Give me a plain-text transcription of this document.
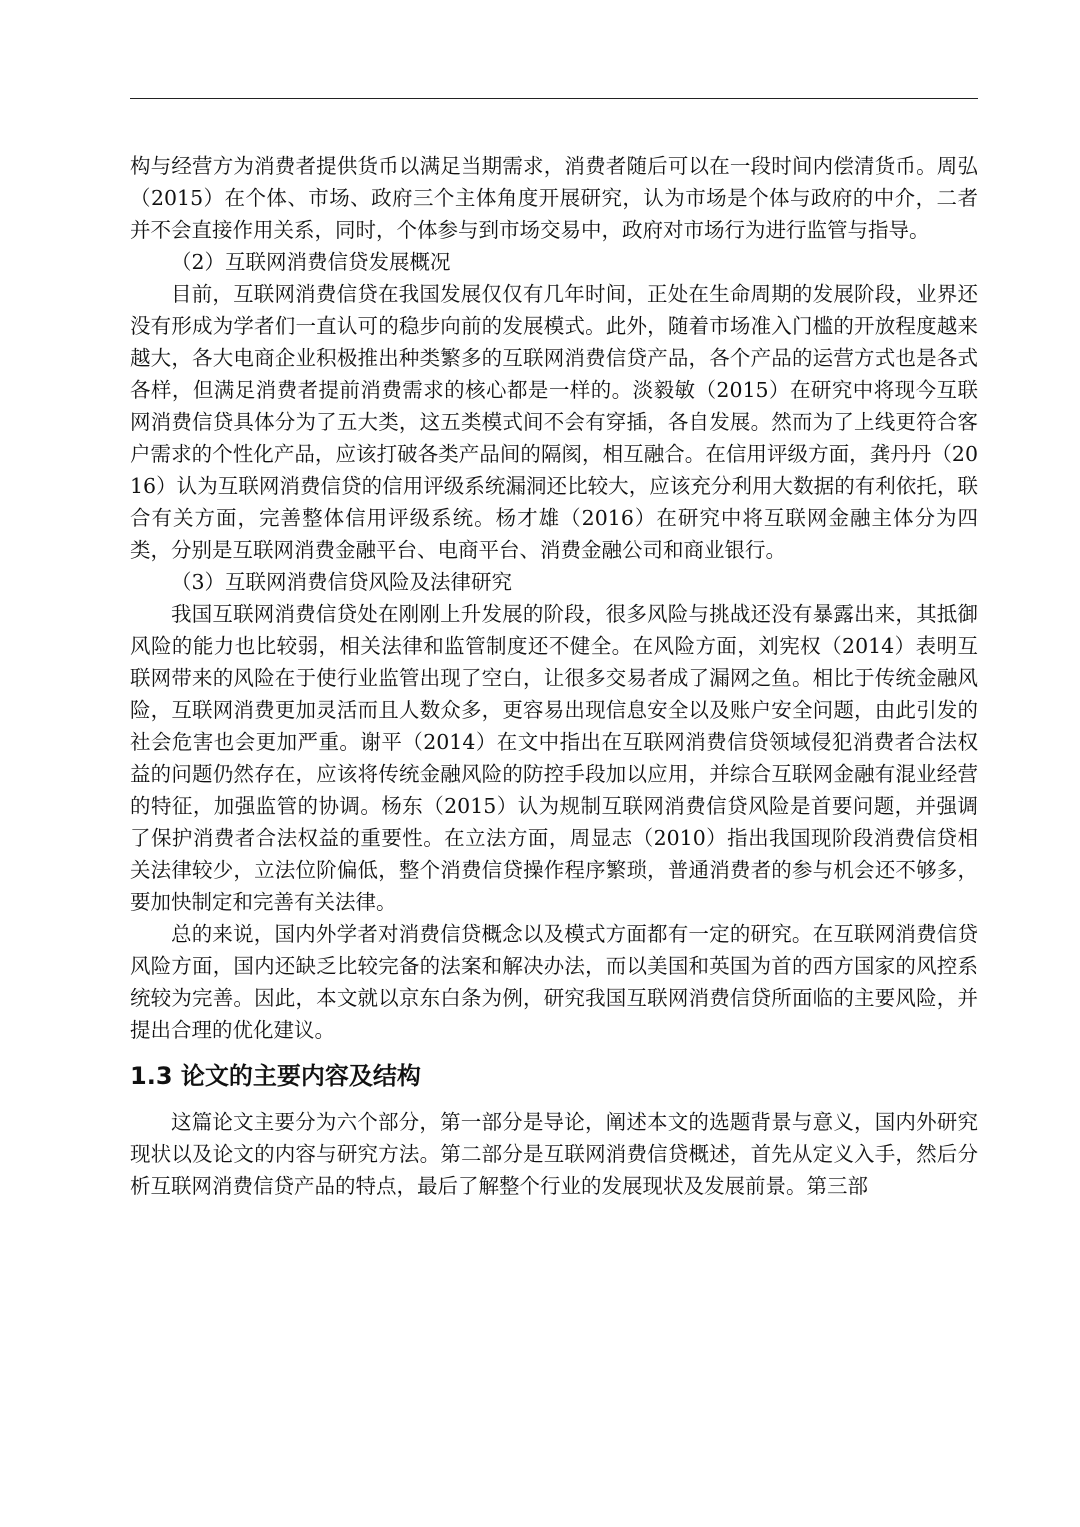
构与经营方为消费者提供货币以满足当期需求，消费者随后可以在一段时间内偿清货币。周弘（2015）在个体、市场、政府三个主体角度开展研究，认为市场是个体与政府的中介，二者并不会直接作用关系，同时，个体参与到市场交易中，政府对市场行为进行监管与指导。

（2）互联网消费信贷发展概况

目前，互联网消费信贷在我国发展仅仅有几年时间，正处在生命周期的发展阶段，业界还没有形成为学者们一直认可的稳步向前的发展模式。此外，随着市场准入门槛的开放程度越来越大，各大电商企业积极推出种类繁多的互联网消费信贷产品，各个产品的运营方式也是各式各样，但满足消费者提前消费需求的核心都是一样的。淡毅敏（2015）在研究中将现今互联网消费信贷具体分为了五大类，这五类模式间不会有穿插，各自发展。然而为了上线更符合客户需求的个性化产品，应该打破各类产品间的隔阂，相互融合。在信用评级方面，龚丹丹（2016）认为互联网消费信贷的信用评级系统漏洞还比较大，应该充分利用大数据的有利依托，联合有关方面，完善整体信用评级系统。杨才雄（2016）在研究中将互联网金融主体分为四类，分别是互联网消费金融平台、电商平台、消费金融公司和商业银行。

（3）互联网消费信贷风险及法律研究

我国互联网消费信贷处在刚刚上升发展的阶段，很多风险与挑战还没有暴露出来，其抵御风险的能力也比较弱，相关法律和监管制度还不健全。在风险方面，刘宪权（2014）表明互联网带来的风险在于使行业监管出现了空白，让很多交易者成了漏网之鱼。相比于传统金融风险，互联网消费更加灵活而且人数众多，更容易出现信息安全以及账户安全问题，由此引发的社会危害也会更加严重。谢平（2014）在文中指出在互联网消费信贷领域侵犯消费者合法权益的问题仍然存在，应该将传统金融风险的防控手段加以应用，并综合互联网金融有混业经营的特征，加强监管的协调。杨东（2015）认为规制互联网消费信贷风险是首要问题，并强调了保护消费者合法权益的重要性。在立法方面，周显志（2010）指出我国现阶段消费信贷相关法律较少，立法位阶偏低，整个消费信贷操作程序繁琐，普通消费者的参与机会还不够多，要加快制定和完善有关法律。

总的来说，国内外学者对消费信贷概念以及模式方面都有一定的研究。在互联网消费信贷风险方面，国内还缺乏比较完备的法案和解决办法，而以美国和英国为首的西方国家的风控系统较为完善。因此，本文就以京东白条为例，研究我国互联网消费信贷所面临的主要风险，并提出合理的优化建议。

1.3 论文的主要内容及结构

这篇论文主要分为六个部分，第一部分是导论，阐述本文的选题背景与意义，国内外研究现状以及论文的内容与研究方法。第二部分是互联网消费信贷概述，首先从定义入手，然后分析互联网消费信贷产品的特点，最后了解整个行业的发展现状及发展前景。第三部
